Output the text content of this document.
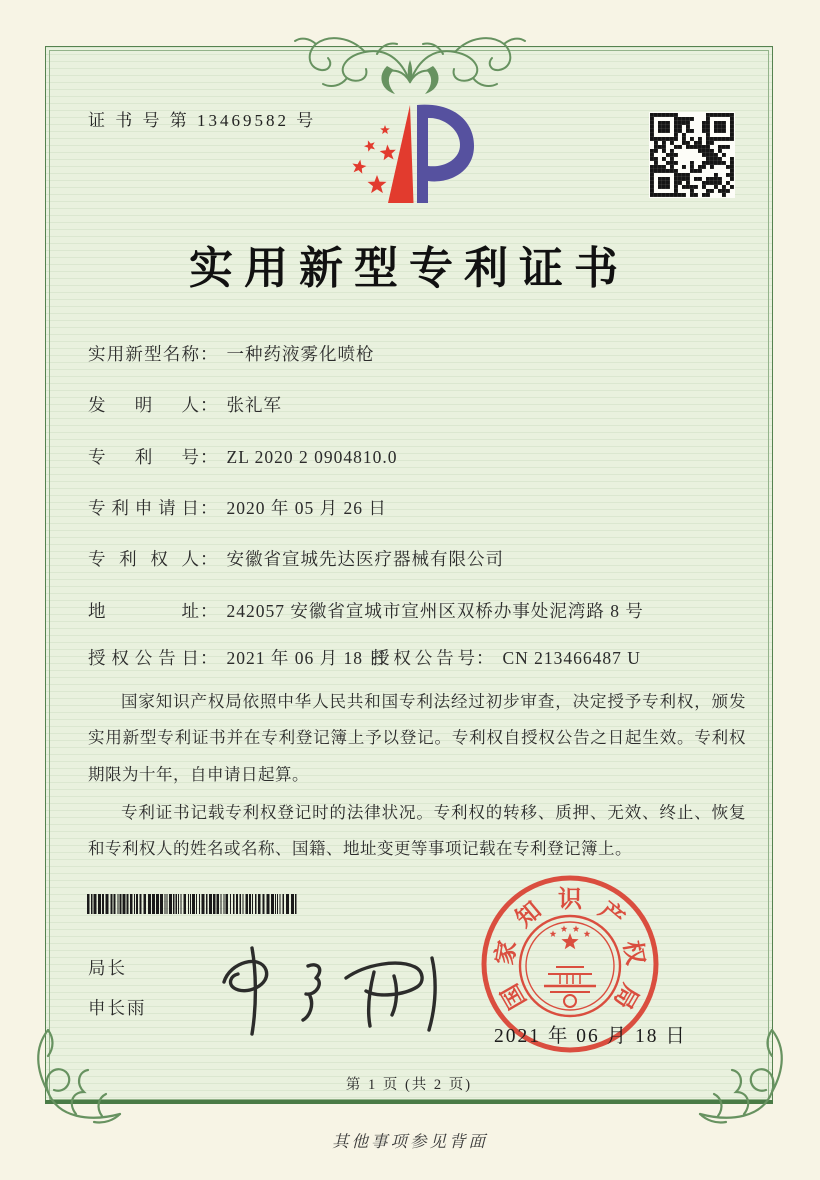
证 书 号 第 13469582 号
实用新型专利证书
实用新型名称： 一种药液雾化喷枪
发明人： 张礼军
专利号： ZL 2020 2 0904810.0
专利申请日： 2020 年 05 月 26 日
专利权人： 安徽省宣城先达医疗器械有限公司
地址： 242057 安徽省宣城市宣州区双桥办事处泥湾路 8 号
授权公告日： 2021 年 06 月 18 日
授权公告号： CN 213466487 U

国家知识产权局依照中华人民共和国专利法经过初步审查，决定授予专利权，颁发实用新型专利证书并在专利登记簿上予以登记。专利权自授权公告之日起生效。专利权期限为十年，自申请日起算。

专利证书记载专利权登记时的法律状况。专利权的转移、质押、无效、终止、恢复和专利权人的姓名或名称、国籍、地址变更等事项记载在专利登记簿上。

局长
申长雨	国
家
知 识 产
权
局
2021 年 06 月 18 日
第 1 页 (共 2 页)
其他事项参见背面
